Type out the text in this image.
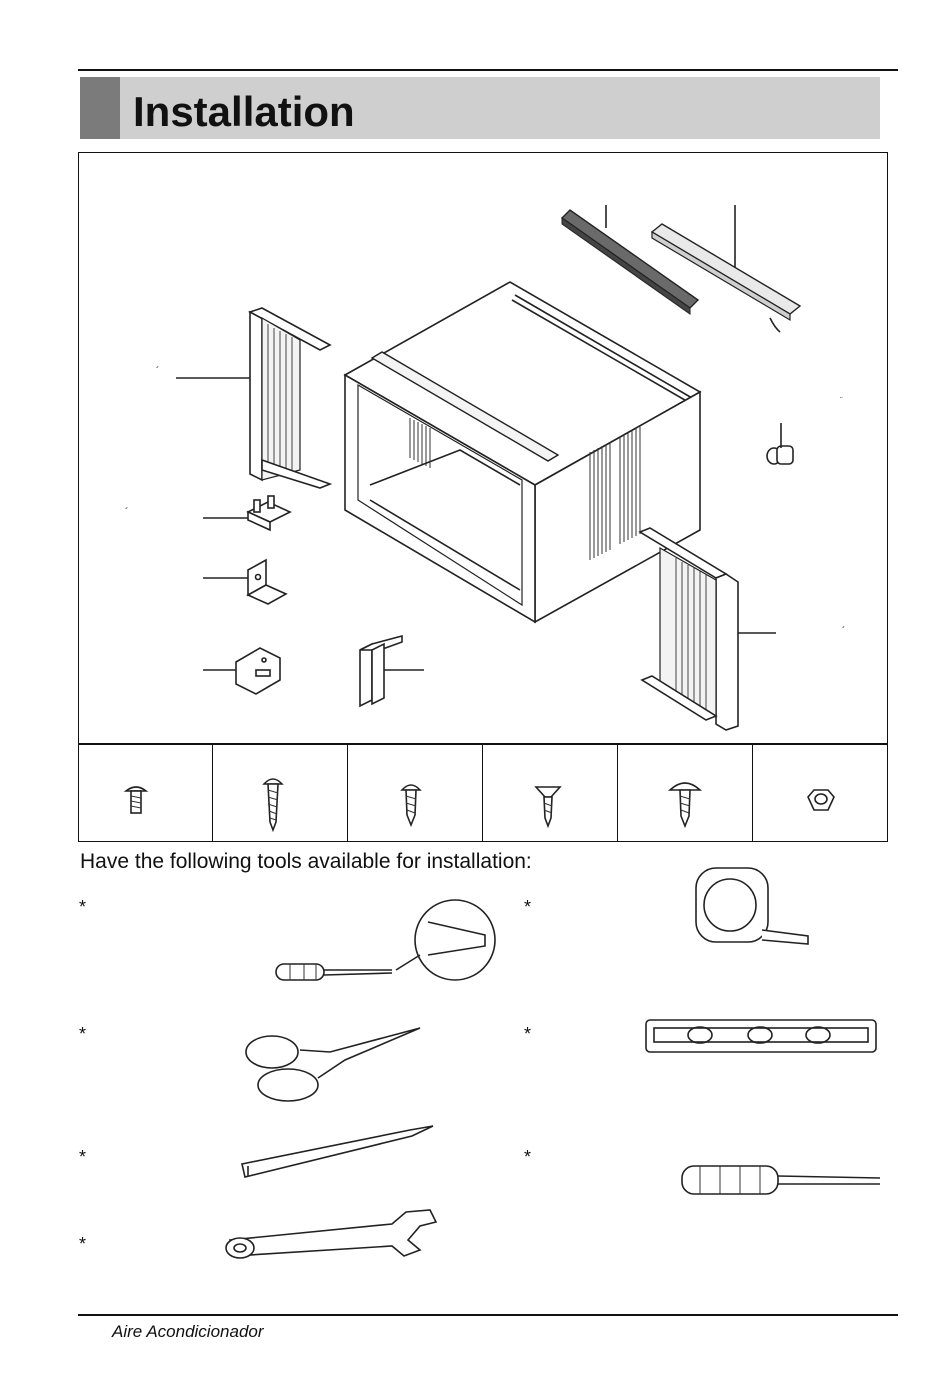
Installation
´
´
¨
´
Have the following tools available for installation:
*
*
*
*
*
*
*
Aire Acondicionador
